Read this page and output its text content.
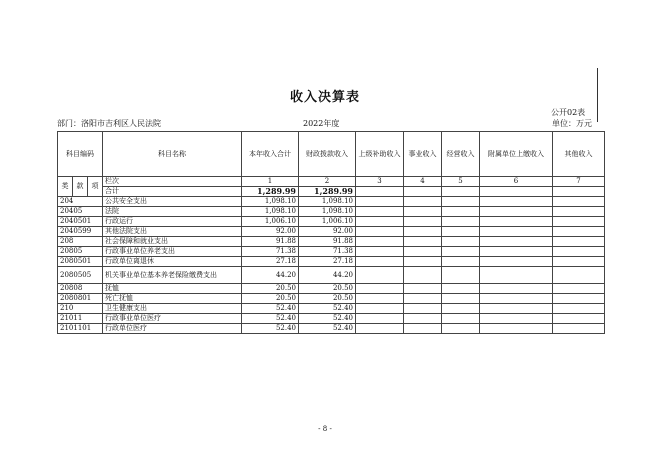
收入决算表
公开02表
部门：洛阳市吉利区人民法院	2022年度	单位：万元
科目编码			科目名称	本年收入合计	财政拨款收入	上级补助收入	事业收入	经营收入	附属单位上缴收入	其他收入
类	款	项	栏次	1	2	3	4	5	6	7
			合计	1,289.99	1,289.99					
204			公共安全支出	1,098.10	1,098.10					
20405			法院	1,098.10	1,098.10					
2040501			行政运行	1,006.10	1,006.10					
2040599			其他法院支出	92.00	92.00					
208			社会保障和就业支出	91.88	91.88					
20805			行政事业单位养老支出	71.38	71.38					
2080501			行政单位离退休	27.18	27.18					
2080505			机关事业单位基本养老保险缴费支出	44.20	44.20					
20808			抚恤	20.50	20.50					
2080801			死亡抚恤	20.50	20.50					
210			卫生健康支出	52.40	52.40					
21011			行政事业单位医疗	52.40	52.40					
2101101			行政单位医疗	52.40	52.40					
- 8 -
